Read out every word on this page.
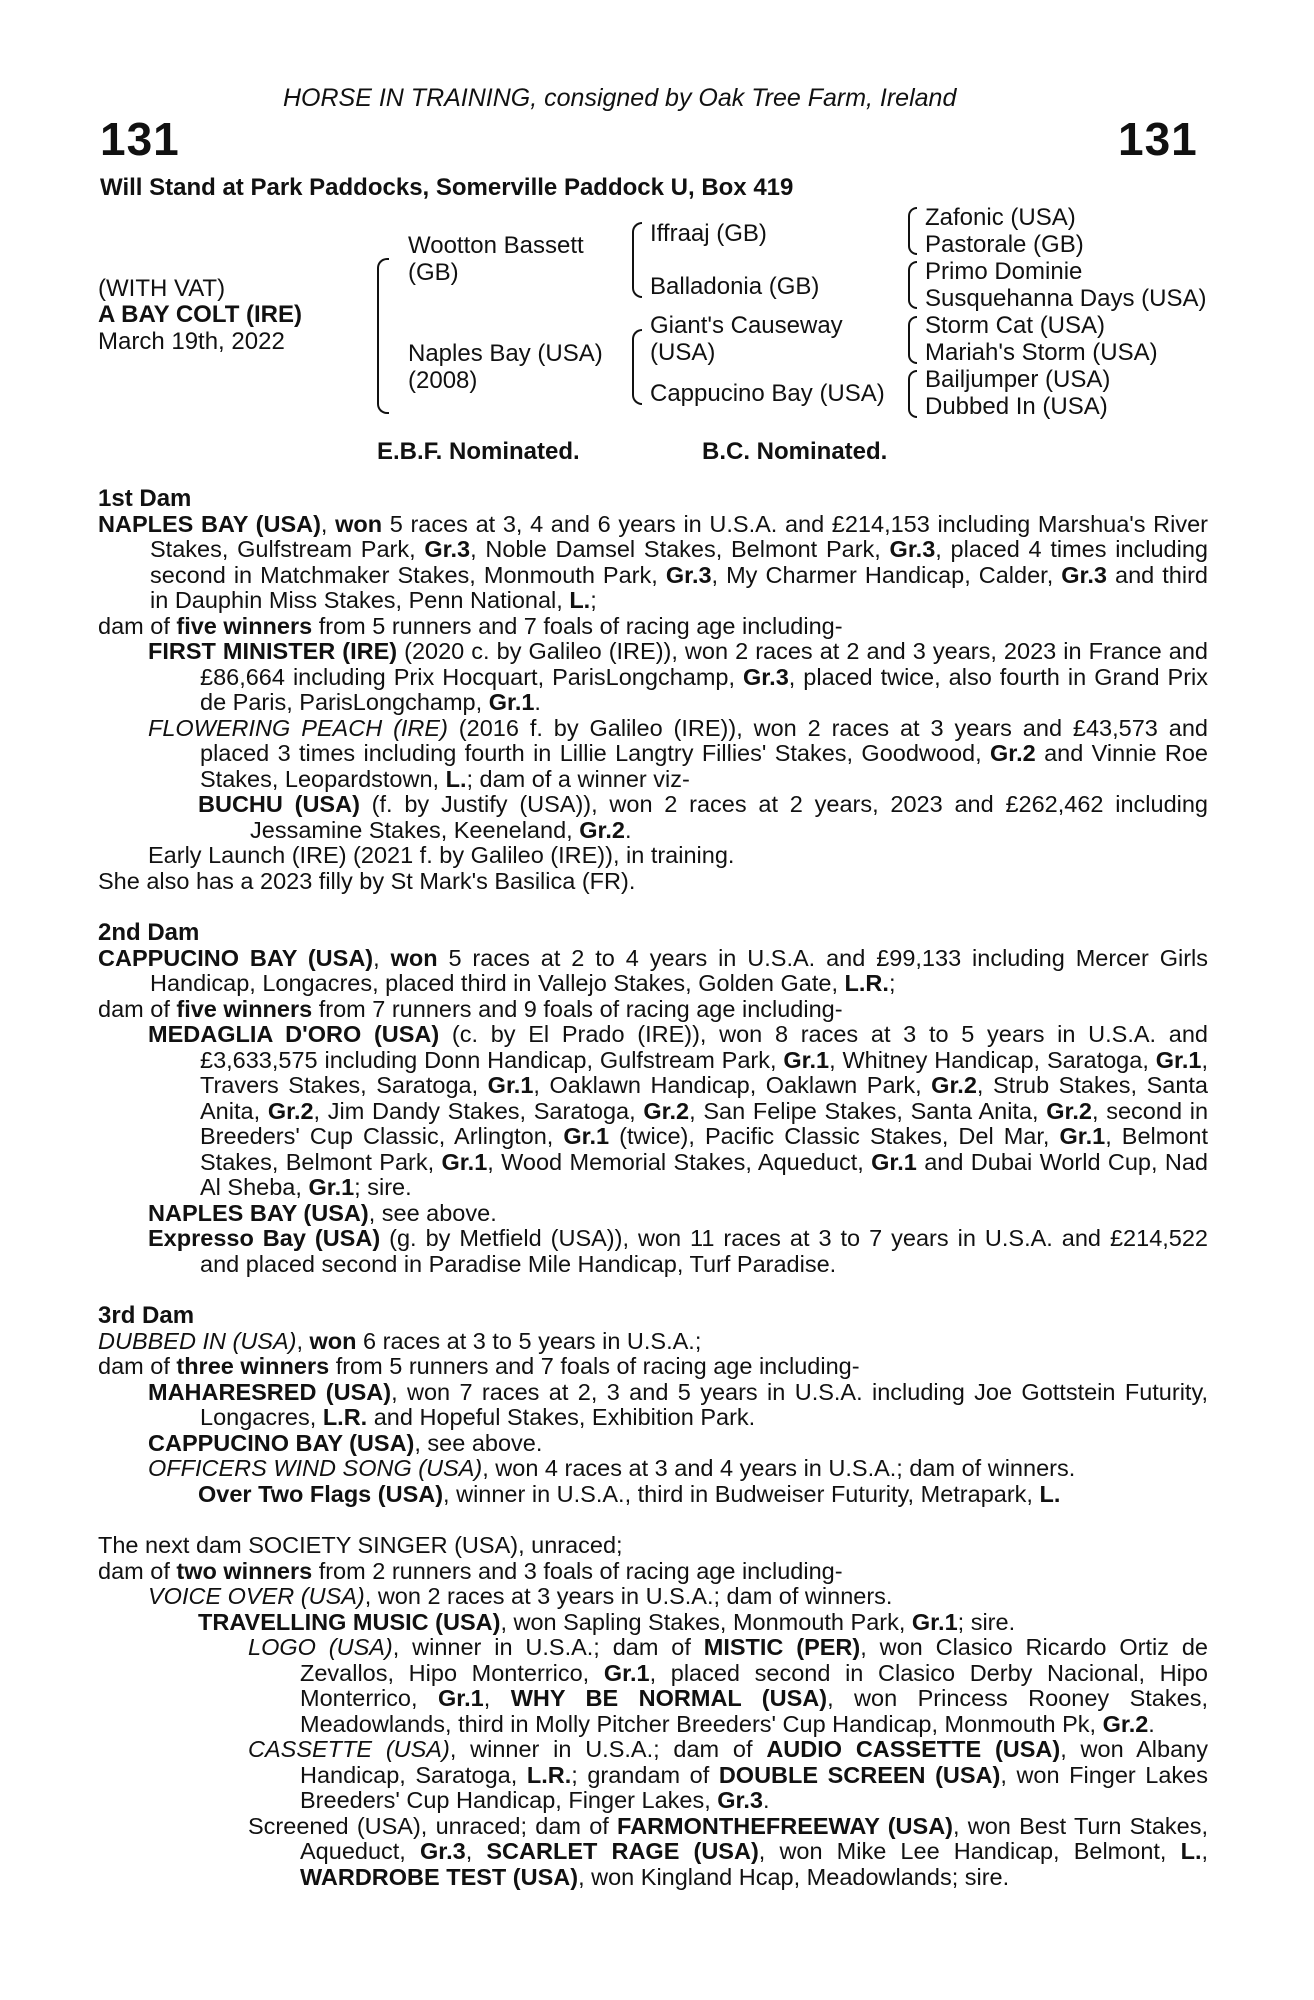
HORSE IN TRAINING, consigned by Oak Tree Farm, Ireland
131	131
Will Stand at Park Paddocks, Somerville Paddock U, Box 419
(WITH VAT)
A BAY COLT (IRE)
March 19th, 2022
Wootton Bassett
(GB)
Naples Bay (USA)
(2008)
Iffraaj (GB)
Balladonia (GB)
Giant's Causeway
(USA)
Cappucino Bay (USA)
Zafonic (USA)
Pastorale (GB)
Primo Dominie
Susquehanna Days (USA)
Storm Cat (USA)
Mariah's Storm (USA)
Bailjumper (USA)
Dubbed In (USA)
E.B.F. Nominated.	B.C. Nominated.
1st Dam

NAPLES BAY (USA), won 5 races at 3, 4 and 6 years in U.S.A. and £214,153 including Marshua's River Stakes, Gulfstream Park, Gr.3, Noble Damsel Stakes, Belmont Park, Gr.3, placed 4 times including second in Matchmaker Stakes, Monmouth Park, Gr.3, My Charmer Handicap, Calder, Gr.3 and third in Dauphin Miss Stakes, Penn National, L.;

dam of five winners from 5 runners and 7 foals of racing age including-

FIRST MINISTER (IRE) (2020 c. by Galileo (IRE)), won 2 races at 2 and 3 years, 2023 in France and £86,664 including Prix Hocquart, ParisLongchamp, Gr.3, placed twice, also fourth in Grand Prix de Paris, ParisLongchamp, Gr.1.

FLOWERING PEACH (IRE) (2016 f. by Galileo (IRE)), won 2 races at 3 years and £43,573 and placed 3 times including fourth in Lillie Langtry Fillies' Stakes, Goodwood, Gr.2 and Vinnie Roe Stakes, Leopardstown, L.; dam of a winner viz-

BUCHU (USA) (f. by Justify (USA)), won 2 races at 2 years, 2023 and £262,462 including Jessamine Stakes, Keeneland, Gr.2.

Early Launch (IRE) (2021 f. by Galileo (IRE)), in training.

She also has a 2023 filly by St Mark's Basilica (FR).

2nd Dam

CAPPUCINO BAY (USA), won 5 races at 2 to 4 years in U.S.A. and £99,133 including Mercer Girls Handicap, Longacres, placed third in Vallejo Stakes, Golden Gate, L.R.;

dam of five winners from 7 runners and 9 foals of racing age including-

MEDAGLIA D'ORO (USA) (c. by El Prado (IRE)), won 8 races at 3 to 5 years in U.S.A. and £3,633,575 including Donn Handicap, Gulfstream Park, Gr.1, Whitney Handicap, Saratoga, Gr.1, Travers Stakes, Saratoga, Gr.1, Oaklawn Handicap, Oaklawn Park, Gr.2, Strub Stakes, Santa Anita, Gr.2, Jim Dandy Stakes, Saratoga, Gr.2, San Felipe Stakes, Santa Anita, Gr.2, second in Breeders' Cup Classic, Arlington, Gr.1 (twice), Pacific Classic Stakes, Del Mar, Gr.1, Belmont Stakes, Belmont Park, Gr.1, Wood Memorial Stakes, Aqueduct, Gr.1 and Dubai World Cup, Nad Al Sheba, Gr.1; sire.

NAPLES BAY (USA), see above.

Expresso Bay (USA) (g. by Metfield (USA)), won 11 races at 3 to 7 years in U.S.A. and £214,522 and placed second in Paradise Mile Handicap, Turf Paradise.

3rd Dam

DUBBED IN (USA), won 6 races at 3 to 5 years in U.S.A.;

dam of three winners from 5 runners and 7 foals of racing age including-

MAHARESRED (USA), won 7 races at 2, 3 and 5 years in U.S.A. including Joe Gottstein Futurity, Longacres, L.R. and Hopeful Stakes, Exhibition Park.

CAPPUCINO BAY (USA), see above.

OFFICERS WIND SONG (USA), won 4 races at 3 and 4 years in U.S.A.; dam of winners.

Over Two Flags (USA), winner in U.S.A., third in Budweiser Futurity, Metrapark, L.

The next dam SOCIETY SINGER (USA), unraced;

dam of two winners from 2 runners and 3 foals of racing age including-

VOICE OVER (USA), won 2 races at 3 years in U.S.A.; dam of winners.

TRAVELLING MUSIC (USA), won Sapling Stakes, Monmouth Park, Gr.1; sire.

LOGO (USA), winner in U.S.A.; dam of MISTIC (PER), won Clasico Ricardo Ortiz de Zevallos, Hipo Monterrico, Gr.1, placed second in Clasico Derby Nacional, Hipo Monterrico, Gr.1, WHY BE NORMAL (USA), won Princess Rooney Stakes, Meadowlands, third in Molly Pitcher Breeders' Cup Handicap, Monmouth Pk, Gr.2.

CASSETTE (USA), winner in U.S.A.; dam of AUDIO CASSETTE (USA), won Albany Handicap, Saratoga, L.R.; grandam of DOUBLE SCREEN (USA), won Finger Lakes Breeders' Cup Handicap, Finger Lakes, Gr.3.

Screened (USA), unraced; dam of FARMONTHEFREEWAY (USA), won Best Turn Stakes, Aqueduct, Gr.3, SCARLET RAGE (USA), won Mike Lee Handicap, Belmont, L., WARDROBE TEST (USA), won Kingland Hcap, Meadowlands; sire.
